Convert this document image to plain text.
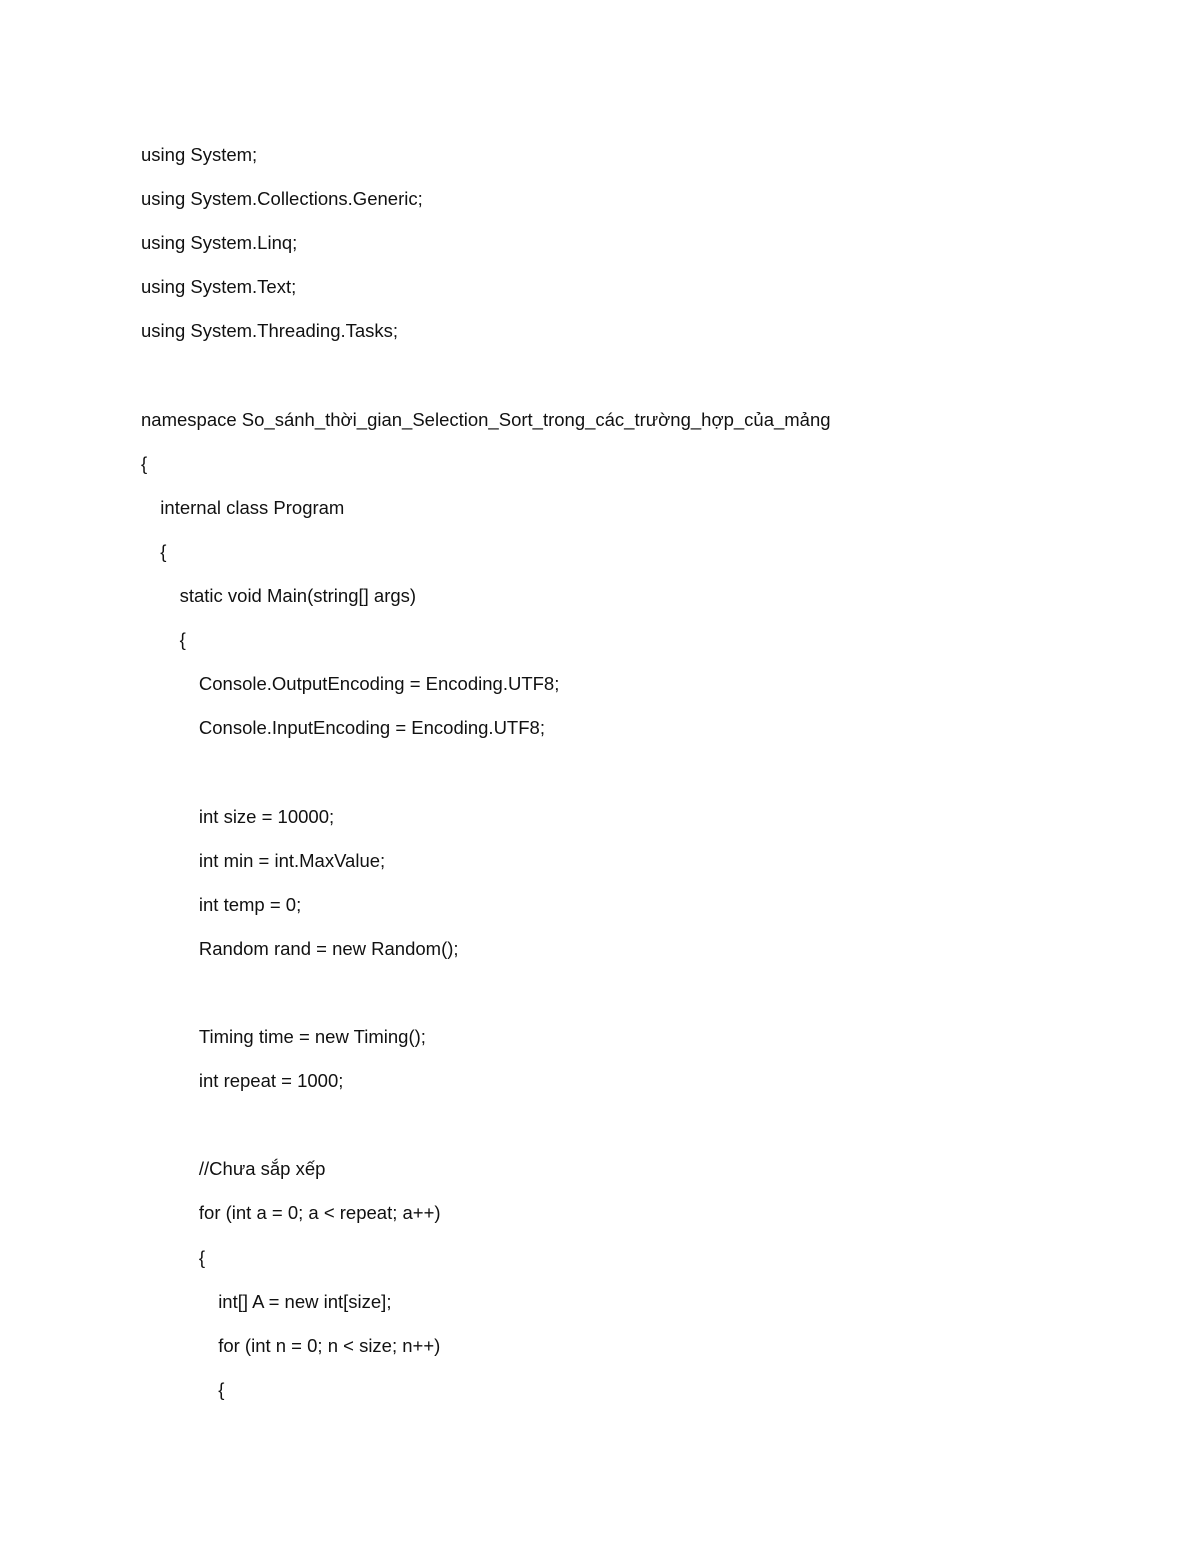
using System;
using System.Collections.Generic;
using System.Linq;
using System.Text;
using System.Threading.Tasks;
namespace So_sánh_thời_gian_Selection_Sort_trong_các_trường_hợp_của_mảng
{
internal class Program
{
static void Main(string[] args)
{
Console.OutputEncoding = Encoding.UTF8;
Console.InputEncoding = Encoding.UTF8;
int size = 10000;
int min = int.MaxValue;
int temp = 0;
Random rand = new Random();
Timing time = new Timing();
int repeat = 1000;
//Chưa sắp xếp
for (int a = 0; a < repeat; a++)
{
int[] A = new int[size];
for (int n = 0; n < size; n++)
{
